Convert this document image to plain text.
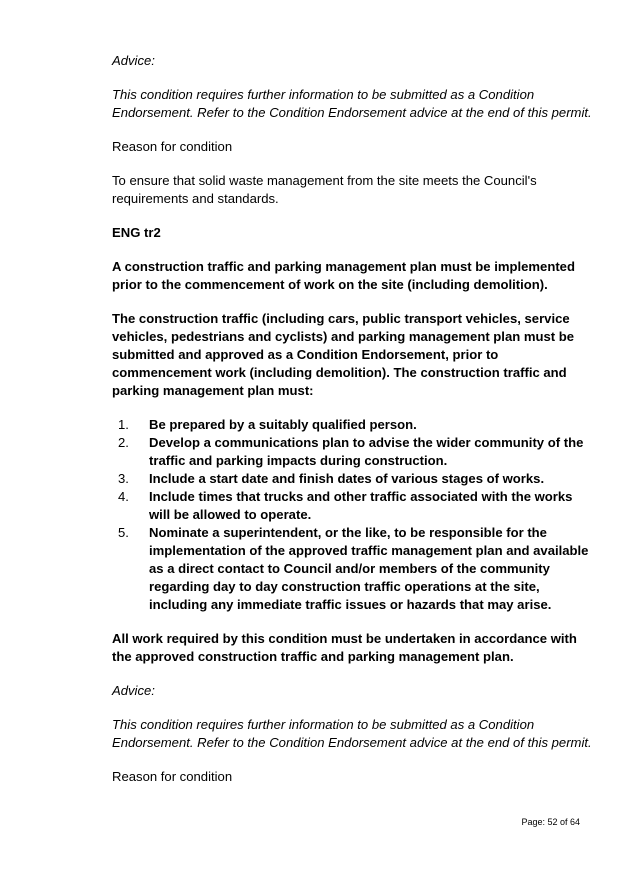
Advice:

This condition requires further information to be submitted as a Condition Endorsement. Refer to the Condition Endorsement advice at the end of this permit.

Reason for condition

To ensure that solid waste management from the site meets the Council's requirements and standards.

ENG tr2

A construction traffic and parking management plan must be implemented prior to the commencement of work on the site (including demolition).

The construction traffic (including cars, public transport vehicles, service vehicles, pedestrians and cyclists) and parking management plan must be submitted and approved as a Condition Endorsement, prior to commencement work (including demolition). The construction traffic and parking management plan must:

1.	Be prepared by a suitably qualified person.
2.	Develop a communications plan to advise the wider community of the traffic and parking impacts during construction.
3.	Include a start date and finish dates of various stages of works.
4.	Include times that trucks and other traffic associated with the works will be allowed to operate.
5.	Nominate a superintendent, or the like, to be responsible for the implementation of the approved traffic management plan and available as a direct contact to Council and/or members of the community regarding day to day construction traffic operations at the site, including any immediate traffic issues or hazards that may arise.

All work required by this condition must be undertaken in accordance with the approved construction traffic and parking management plan.

Advice:

This condition requires further information to be submitted as a Condition Endorsement. Refer to the Condition Endorsement advice at the end of this permit.

Reason for condition

Page: 52 of 64
